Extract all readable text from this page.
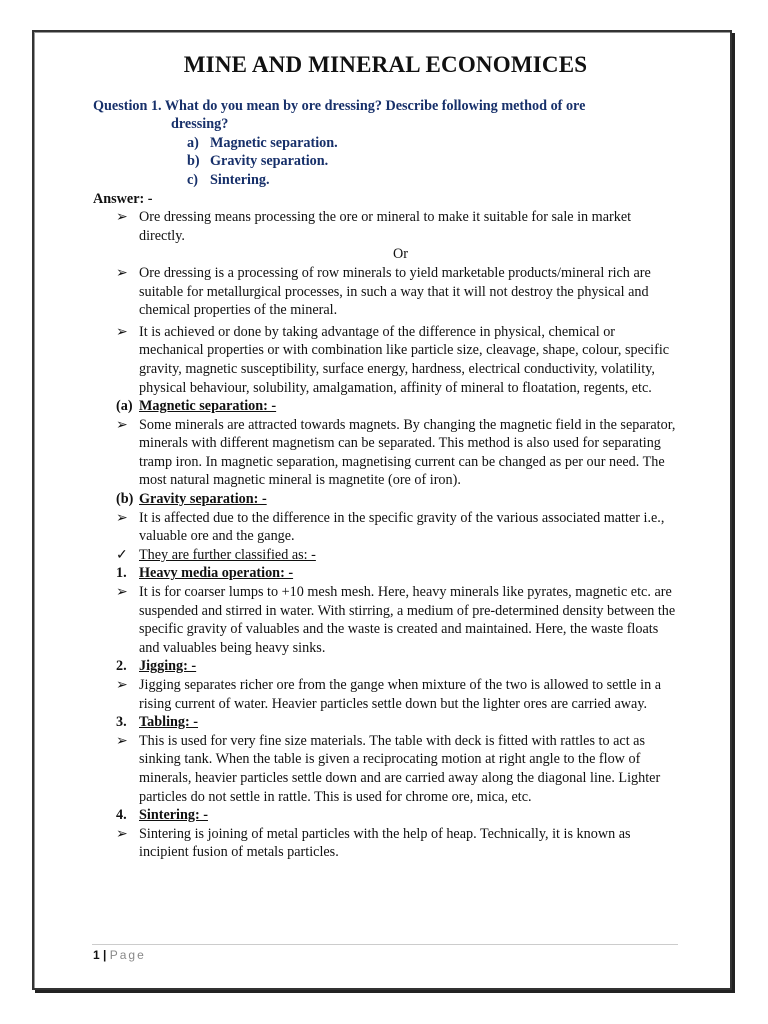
MINE AND MINERAL ECONOMICES

Question 1. What do you mean by ore dressing? Describe following method of ore

dressing?

a) Magnetic separation.
b) Gravity separation.
c) Sintering.

Answer: -

➢ Ore dressing means processing the ore or mineral to make it suitable for sale in market directly.

Or

➢ Ore dressing is a processing of row minerals to yield marketable products/mineral rich are suitable for metallurgical processes, in such a way that it will not destroy the physical and chemical properties of the mineral.
➢ It is achieved or done by taking advantage of the difference in physical, chemical or mechanical properties or with combination like particle size, cleavage, shape, colour, specific gravity, magnetic susceptibility, surface energy, hardness, electrical conductivity, volatility, physical behaviour, solubility, amalgamation, affinity of mineral to floatation, regents, etc.
(a) Magnetic separation: -
➢ Some minerals are attracted towards magnets. By changing the magnetic field in the separator, minerals with different magnetism can be separated. This method is also used for separating tramp iron. In magnetic separation, magnetising current can be changed as per our need. The most natural magnetic mineral is magnetite (ore of iron).
(b) Gravity separation: -
➢ It is affected due to the difference in the specific gravity of the various associated matter i.e., valuable ore and the gange.
✓ They are further classified as: -
1. Heavy media operation: -
➢ It is for coarser lumps to +10 mesh mesh. Here, heavy minerals like pyrates, magnetic etc. are suspended and stirred in water. With stirring, a medium of pre-determined density between the specific gravity of valuables and the waste is created and maintained. Here, the waste floats and valuables being heavy sinks.
2. Jigging: -
➢ Jigging separates richer ore from the gange when mixture of the two is allowed to settle in a rising current of water. Heavier particles settle down but the lighter ores are carried away.
3. Tabling: -
➢ This is used for very fine size materials. The table with deck is fitted with rattles to act as sinking tank. When the table is given a reciprocating motion at right angle to the flow of minerals, heavier particles settle down and are carried away along the diagonal line. Lighter particles do not settle in rattle. This is used for chrome ore, mica, etc.
4. Sintering: -
➢ Sintering is joining of metal particles with the help of heap. Technically, it is known as incipient fusion of metals particles.
1 | Page
